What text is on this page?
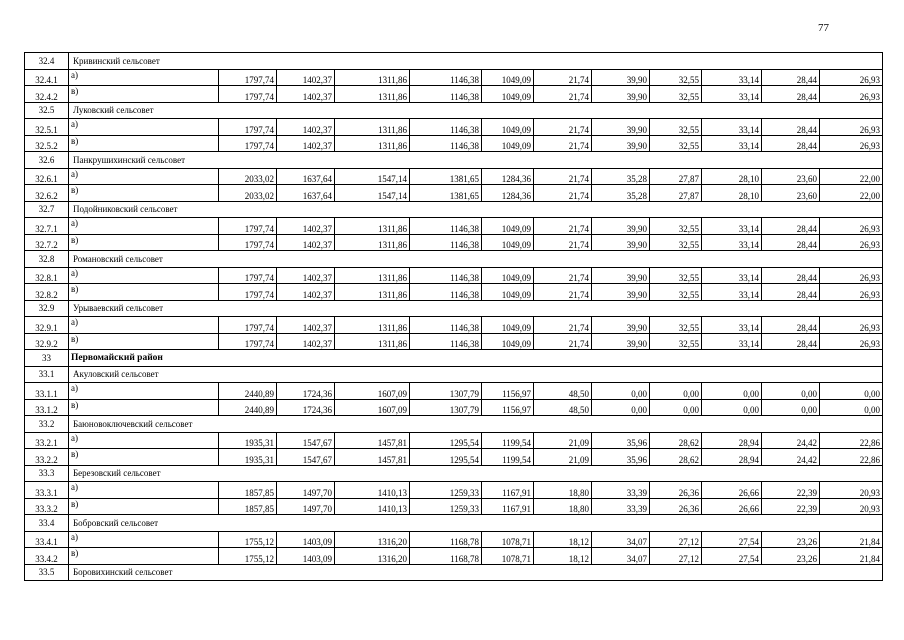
77
32.4	Кривинский сельсовет											
32.4.1	а)	1797,74	1402,37	1311,86	1146,38	1049,09	21,74	39,90	32,55	33,14	28,44	26,93
32.4.2	в)	1797,74	1402,37	1311,86	1146,38	1049,09	21,74	39,90	32,55	33,14	28,44	26,93
32.5	Луковский сельсовет											
32.5.1	а)	1797,74	1402,37	1311,86	1146,38	1049,09	21,74	39,90	32,55	33,14	28,44	26,93
32.5.2	в)	1797,74	1402,37	1311,86	1146,38	1049,09	21,74	39,90	32,55	33,14	28,44	26,93
32.6	Панкрушихинский сельсовет											
32.6.1	а)	2033,02	1637,64	1547,14	1381,65	1284,36	21,74	35,28	27,87	28,10	23,60	22,00
32.6.2	в)	2033,02	1637,64	1547,14	1381,65	1284,36	21,74	35,28	27,87	28,10	23,60	22,00
32.7	Подойниковский сельсовет											
32.7.1	а)	1797,74	1402,37	1311,86	1146,38	1049,09	21,74	39,90	32,55	33,14	28,44	26,93
32.7.2	в)	1797,74	1402,37	1311,86	1146,38	1049,09	21,74	39,90	32,55	33,14	28,44	26,93
32.8	Романовский сельсовет											
32.8.1	а)	1797,74	1402,37	1311,86	1146,38	1049,09	21,74	39,90	32,55	33,14	28,44	26,93
32.8.2	в)	1797,74	1402,37	1311,86	1146,38	1049,09	21,74	39,90	32,55	33,14	28,44	26,93
32.9	Урываевский сельсовет											
32.9.1	а)	1797,74	1402,37	1311,86	1146,38	1049,09	21,74	39,90	32,55	33,14	28,44	26,93
32.9.2	в)	1797,74	1402,37	1311,86	1146,38	1049,09	21,74	39,90	32,55	33,14	28,44	26,93
33	Первомайский район											
33.1	Акуловский сельсовет											
33.1.1	а)	2440,89	1724,36	1607,09	1307,79	1156,97	48,50	0,00	0,00	0,00	0,00	0,00
33.1.2	в)	2440,89	1724,36	1607,09	1307,79	1156,97	48,50	0,00	0,00	0,00	0,00	0,00
33.2	Баюновоключевский сельсовет											
33.2.1	а)	1935,31	1547,67	1457,81	1295,54	1199,54	21,09	35,96	28,62	28,94	24,42	22,86
33.2.2	в)	1935,31	1547,67	1457,81	1295,54	1199,54	21,09	35,96	28,62	28,94	24,42	22,86
33.3	Березовский сельсовет											
33.3.1	а)	1857,85	1497,70	1410,13	1259,33	1167,91	18,80	33,39	26,36	26,66	22,39	20,93
33.3.2	в)	1857,85	1497,70	1410,13	1259,33	1167,91	18,80	33,39	26,36	26,66	22,39	20,93
33.4	Бобровский сельсовет											
33.4.1	а)	1755,12	1403,09	1316,20	1168,78	1078,71	18,12	34,07	27,12	27,54	23,26	21,84
33.4.2	в)	1755,12	1403,09	1316,20	1168,78	1078,71	18,12	34,07	27,12	27,54	23,26	21,84
33.5	Боровихинский сельсовет											
